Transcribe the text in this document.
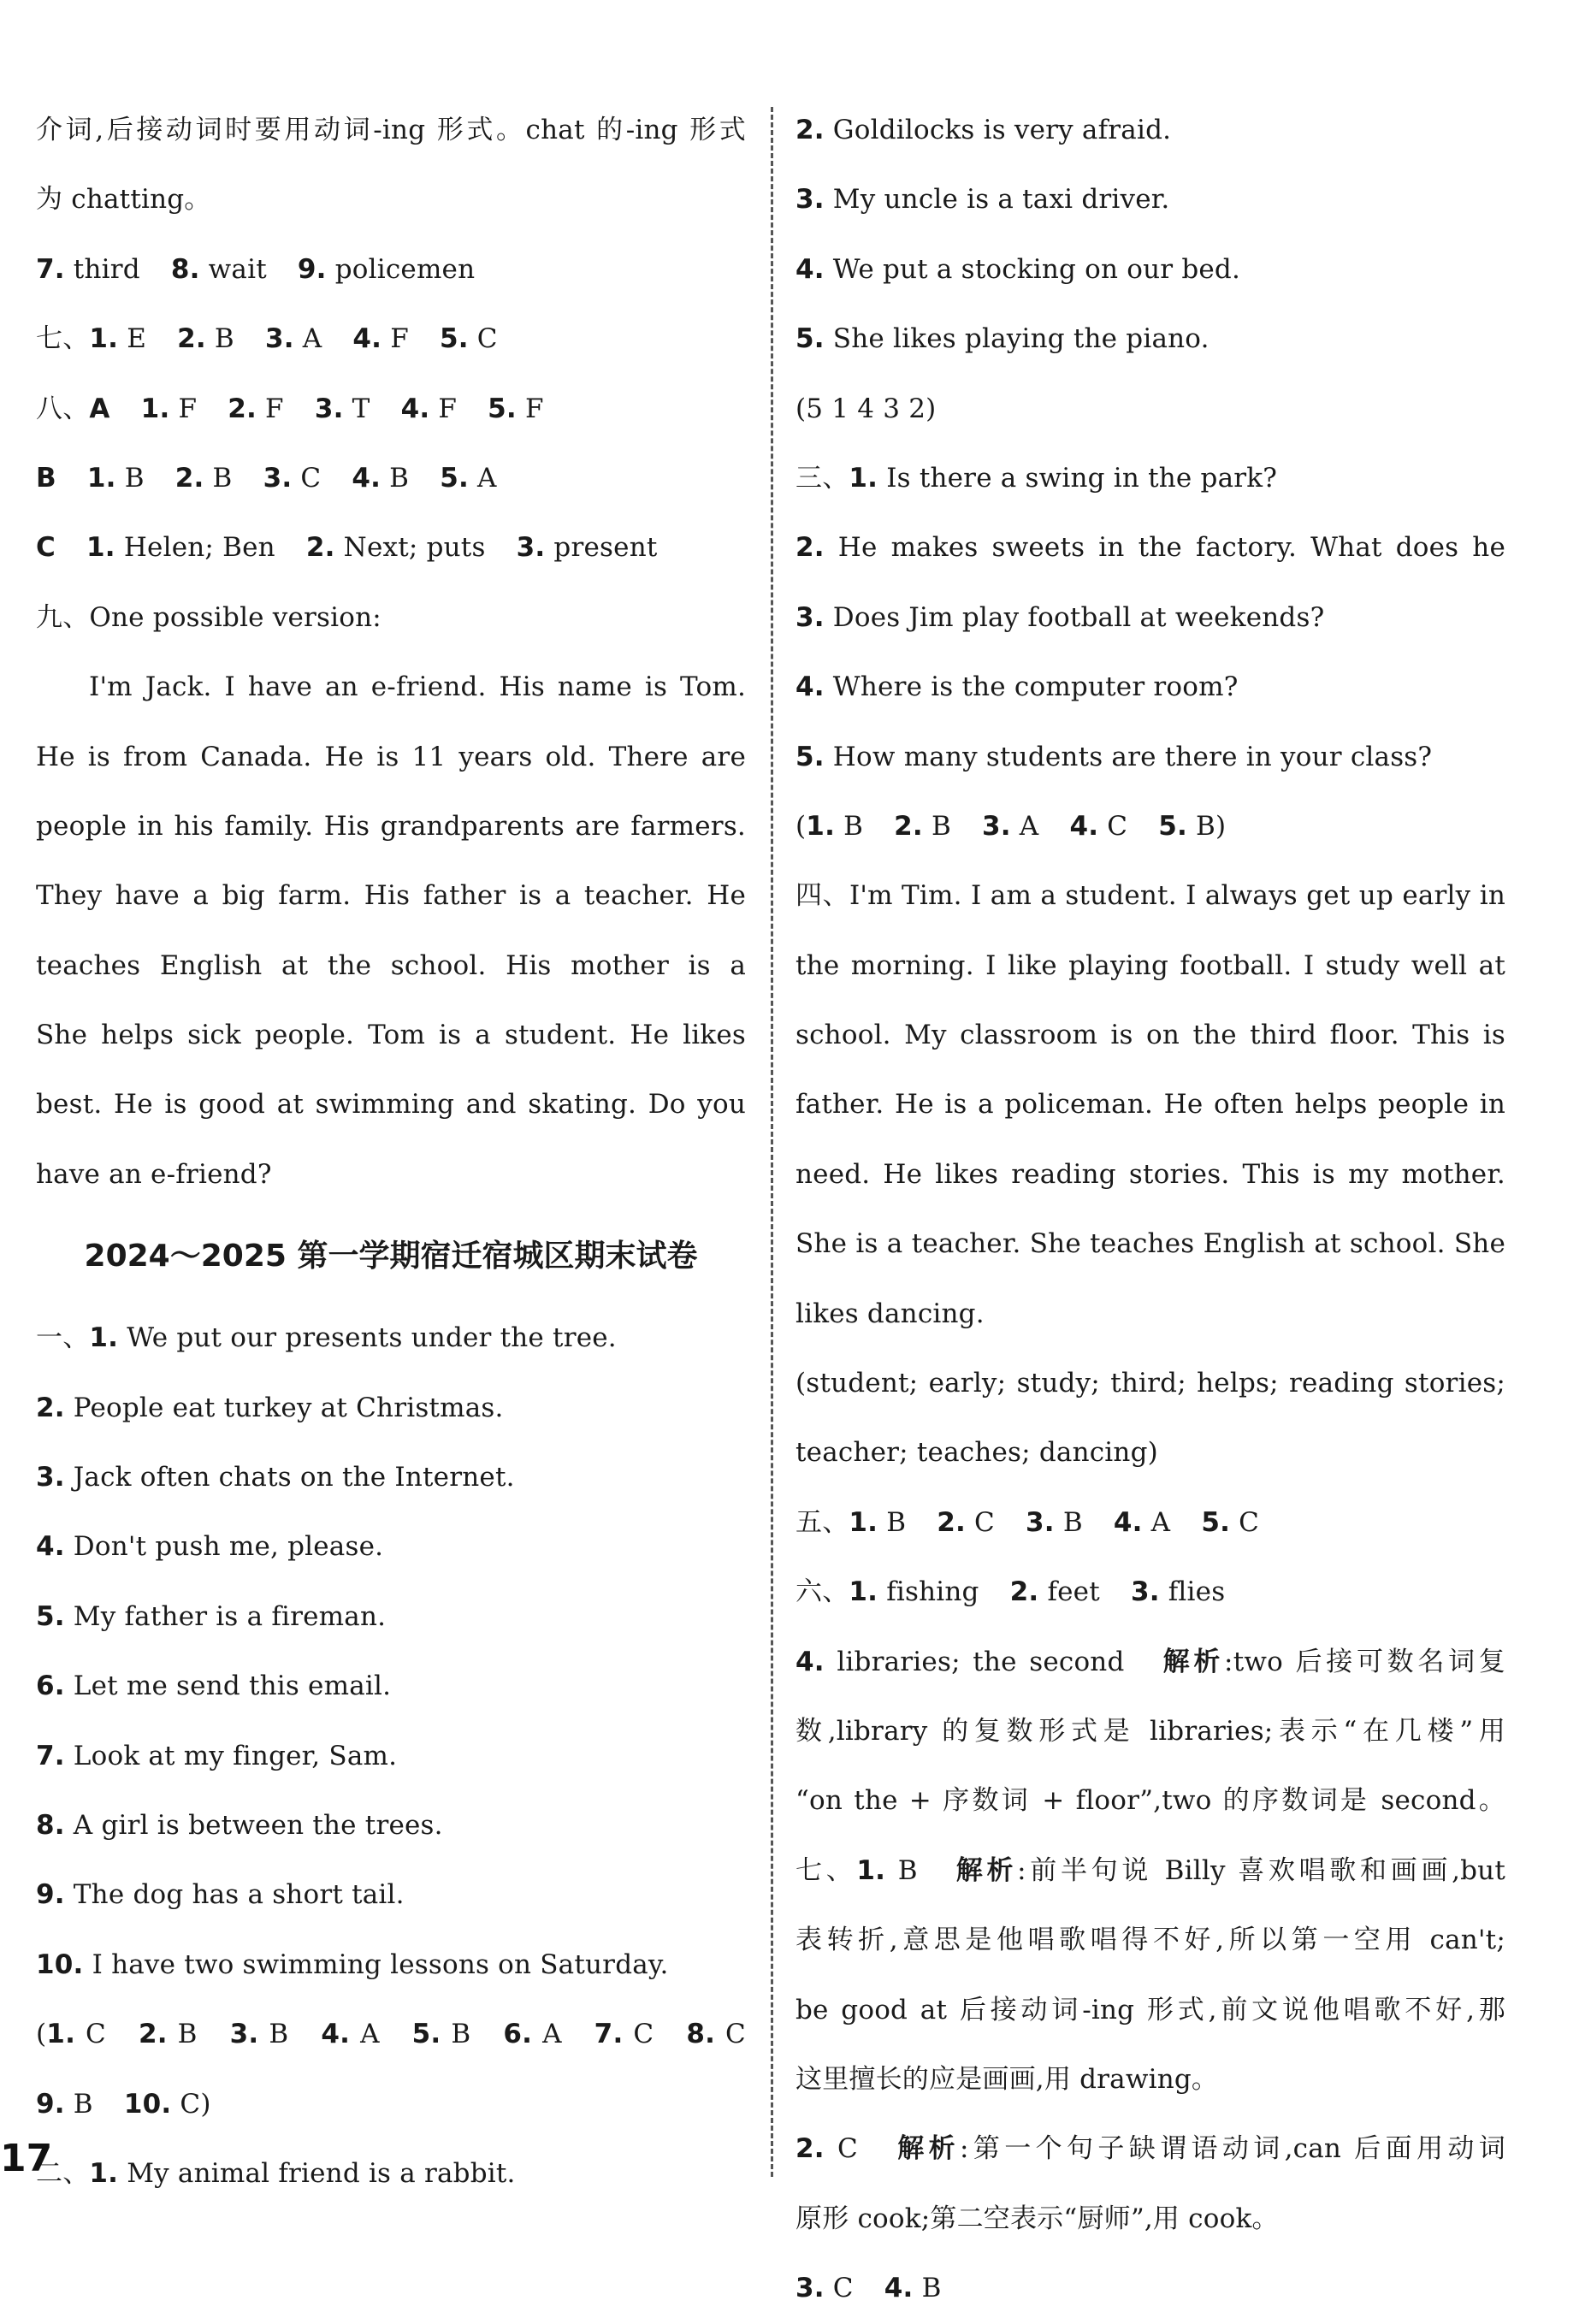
介词,后接动词时要用动词-ing 形式。chat 的-ing 形式
为 chatting。
7. third 8. wait 9. policemen
七、1. E 2. B 3. A 4. F 5. C
八、A 1. F 2. F 3. T 4. F 5. F
B 1. B 2. B 3. C 4. B 5. A
C 1. Helen; Ben 2. Next; puts 3. present
九、One possible version:
I'm Jack. I have an e-friend. His name is Tom.
He is from Canada. He is 11 years old. There are
people in his family. His grandparents are farmers.
They have a big farm. His father is a teacher. He
teaches English at the school. His mother is a
She helps sick people. Tom is a student. He likes
best. He is good at swimming and skating. Do you
have an e-friend?
2024～2025 第一学期宿迁宿城区期末试卷
一、1. We put our presents under the tree.
2. People eat turkey at Christmas.
3. Jack often chats on the Internet.
4. Don't push me, please.
5. My father is a fireman.
6. Let me send this email.
7. Look at my finger, Sam.
8. A girl is between the trees.
9. The dog has a short tail.
10. I have two swimming lessons on Saturday.
(1. C 2. B 3. B 4. A 5. B 6. A 7. C 8. C
9. B 10. C)
二、1. My animal friend is a rabbit.
2. Goldilocks is very afraid.
3. My uncle is a taxi driver.
4. We put a stocking on our bed.
5. She likes playing the piano.
(5 1 4 3 2)
三、1. Is there a swing in the park?
2. He makes sweets in the factory. What does he
3. Does Jim play football at weekends?
4. Where is the computer room?
5. How many students are there in your class?
(1. B 2. B 3. A 4. C 5. B)
四、I'm Tim. I am a student. I always get up early in
the morning. I like playing football. I study well at
school. My classroom is on the third floor. This is
father. He is a policeman. He often helps people in
need. He likes reading stories. This is my mother.
She is a teacher. She teaches English at school. She
likes dancing.
(student; early; study; third; helps; reading stories;
teacher; teaches; dancing)
五、1. B 2. C 3. B 4. A 5. C
六、1. fishing 2. feet 3. flies
4. libraries; the second 解析:two 后接可数名词复
数,library 的复数形式是 libraries;表示“在几楼”用
“on the + 序数词 + floor”,two 的序数词是 second。
七、1. B 解析:前半句说 Billy 喜欢唱歌和画画,but
表转折,意思是他唱歌唱得不好,所以第一空用 can't;
be good at 后接动词-ing 形式,前文说他唱歌不好,那
这里擅长的应是画画,用 drawing。
2. C 解析:第一个句子缺谓语动词,can 后面用动词
原形 cook;第二空表示“厨师”,用 cook。
3. C 4. B
17
